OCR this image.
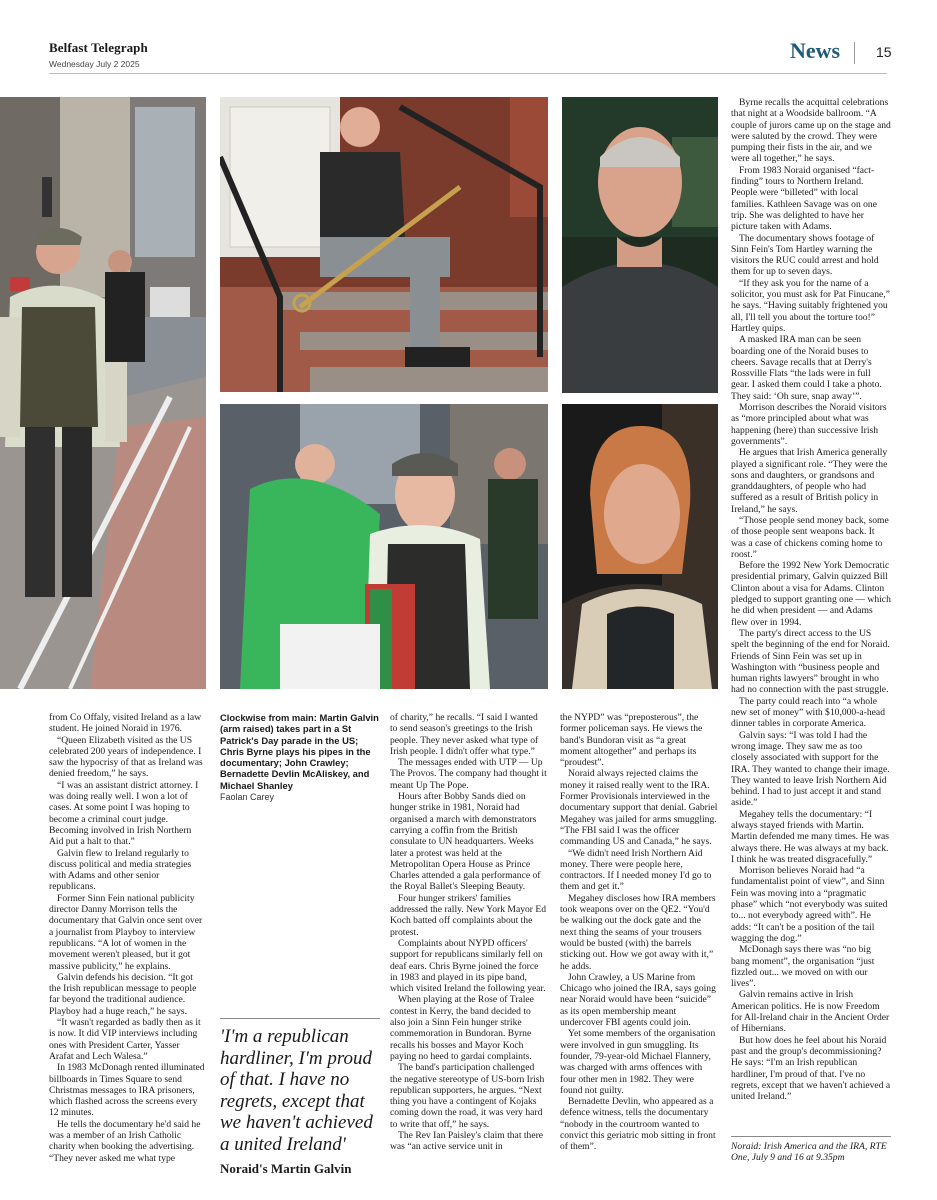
Belfast Telegraph
Wednesday July 2 2025
News	15

from Co Offaly, visited Ireland as a law student. He joined Noraid in 1976.

“Queen Elizabeth visited as the US celebrated 200 years of independence. I saw the hypocrisy of that as Ireland was denied freedom,” he says.

“I was an assistant district attorney. I was doing really well. I won a lot of cases. At some point I was hoping to become a criminal court judge. Becoming involved in Irish Northern Aid put a halt to that.”

Galvin flew to Ireland regularly to discuss political and media strategies with Adams and other senior republicans.

Former Sinn Fein national publicity director Danny Morrison tells the documentary that Galvin once sent over a journalist from Playboy to interview republicans. “A lot of women in the movement weren't pleased, but it got massive publicity,” he explains.

Galvin defends his decision. “It got the Irish republican message to people far beyond the traditional audience. Playboy had a huge reach,” he says.

“It wasn't regarded as badly then as it is now. It did VIP interviews including ones with President Carter, Yasser Arafat and Lech Walesa.”

In 1983 McDonagh rented illuminated billboards in Times Square to send Christmas messages to IRA prisoners, which flashed across the screens every 12 minutes.

He tells the documentary he'd said he was a member of an Irish Catholic charity when booking the advertising. “They never asked me what type

Clockwise from main: Martin Galvin (arm raised) takes part in a St Patrick's Day parade in the US; Chris Byrne plays his pipes in the documentary; John Crawley; Bernadette Devlin McAliskey, and Michael Shanley
Faolan Carey
'I'm a republican hardliner, I'm proud of that. I have no regrets, except that we haven't achieved a united Ireland'
Noraid's Martin Galvin

of charity,” he recalls. “I said I wanted to send season's greetings to the Irish people. They never asked what type of Irish people. I didn't offer what type.”

The messages ended with UTP — Up The Provos. The company had thought it meant Up The Pope.

Hours after Bobby Sands died on hunger strike in 1981, Noraid had organised a march with demonstrators carrying a coffin from the British consulate to UN headquarters. Weeks later a protest was held at the Metropolitan Opera House as Prince Charles attended a gala performance of the Royal Ballet's Sleeping Beauty.

Four hunger strikers' families addressed the rally. New York Mayor Ed Koch batted off complaints about the protest.

Complaints about NYPD officers' support for republicans similarly fell on deaf ears. Chris Byrne joined the force in 1983 and played in its pipe band, which visited Ireland the following year.

When playing at the Rose of Tralee contest in Kerry, the band decided to also join a Sinn Fein hunger strike commemoration in Bundoran. Byrne recalls his bosses and Mayor Koch paying no heed to gardai complaints.

The band's participation challenged the negative stereotype of US-born Irish republican supporters, he argues. “Next thing you have a contingent of Kojaks coming down the road, it was very hard to write that off,” he says.

The Rev Ian Paisley's claim that there was “an active service unit in

the NYPD” was “preposterous”, the former policeman says. He views the band's Bundoran visit as “a great moment altogether” and perhaps its “proudest”.

Noraid always rejected claims the money it raised really went to the IRA. Former Provisionals interviewed in the documentary support that denial. Gabriel Megahey was jailed for arms smuggling. “The FBI said I was the officer commanding US and Canada,” he says.

“We didn't need Irish Northern Aid money. There were people here, contractors. If I needed money I'd go to them and get it.”

Megahey discloses how IRA members took weapons over on the QE2. “You'd be walking out the dock gate and the next thing the seams of your trousers would be busted (with) the barrels sticking out. How we got away with it,” he adds.

John Crawley, a US Marine from Chicago who joined the IRA, says going near Noraid would have been “suicide” as its open membership meant undercover FBI agents could join.

Yet some members of the organisation were involved in gun smuggling. Its founder, 79-year-old Michael Flannery, was charged with arms offences with four other men in 1982. They were found not guilty.

Bernadette Devlin, who appeared as a defence witness, tells the documentary “nobody in the courtroom wanted to convict this geriatric mob sitting in front of them”.

Byrne recalls the acquittal celebrations that night at a Woodside ballroom. “A couple of jurors came up on the stage and were saluted by the crowd. They were pumping their fists in the air, and we were all together,” he says.

From 1983 Noraid organised “fact-finding” tours to Northern Ireland. People were “billeted” with local families. Kathleen Savage was on one trip. She was delighted to have her picture taken with Adams.

The documentary shows footage of Sinn Fein's Tom Hartley warning the visitors the RUC could arrest and hold them for up to seven days.

“If they ask you for the name of a solicitor, you must ask for Pat Finucane,” he says. “Having suitably frightened you all, I'll tell you about the torture too!” Hartley quips.

A masked IRA man can be seen boarding one of the Noraid buses to cheers. Savage recalls that at Derry's Rossville Flats “the lads were in full gear. I asked them could I take a photo. They said: ‘Oh sure, snap away’”.

Morrison describes the Noraid visitors as “more principled about what was happening (here) than successive Irish governments”.

He argues that Irish America generally played a significant role. “They were the sons and daughters, or grandsons and granddaughters, of people who had suffered as a result of British policy in Ireland,” he says.

“Those people send money back, some of those people sent weapons back. It was a case of chickens coming home to roost.”

Before the 1992 New York Democratic presidential primary, Galvin quizzed Bill Clinton about a visa for Adams. Clinton pledged to support granting one — which he did when president — and Adams flew over in 1994.

The party's direct access to the US spelt the beginning of the end for Noraid. Friends of Sinn Fein was set up in Washington with “business people and human rights lawyers” brought in who had no connection with the past struggle.

The party could reach into “a whole new set of money” with $10,000-a-head dinner tables in corporate America.

Galvin says: “I was told I had the wrong image. They saw me as too closely associated with support for the IRA. They wanted to change their image. They wanted to leave Irish Northern Aid behind. I had to just accept it and stand aside.”

Megahey tells the documentary: “I always stayed friends with Martin. Martin defended me many times. He was always there. He was always at my back. I think he was treated disgracefully.”

Morrison believes Noraid had “a fundamentalist point of view”, and Sinn Fein was moving into a “pragmatic phase” which “not everybody was suited to... not everybody agreed with”. He adds: “It can't be a position of the tail wagging the dog.”

McDonagh says there was “no big bang moment”, the organisation “just fizzled out... we moved on with our lives”.

Galvin remains active in Irish American politics. He is now Freedom for All-Ireland chair in the Ancient Order of Hibernians.

But how does he feel about his Noraid past and the group's decommissioning? He says: “I'm an Irish republican hardliner, I'm proud of that. I've no regrets, except that we haven't achieved a united Ireland.”

Noraid: Irish America and the IRA, RTE One, July 9 and 16 at 9.35pm
